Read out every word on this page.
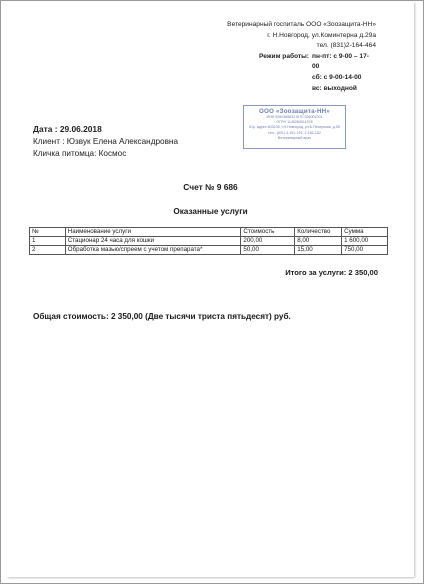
Ветеринарный госпиталь ООО «Зоозащита-НН»
г. Н.Новгород, ул.Коминтерна д.29а
тел. (831)2-164-464
Режим работы: пн-пт: с 9-00 – 17-00
сб: с 9-00-14-00
вс: выходной
ООО «Зоозащита-НН»
ИНН 5260389632 КПП 526001001
ОГРН 1145260011578
Юр. адрес 603105, г.Н.Новгород, ул.Б.Печерская, д.55
тел.: (831) 4-191-191, 2-182-182
Ветеринарный врач
Дата : 29.06.2018
Клиент : Юзвук Елена Александровна
Кличка питомца: Космос
Счет № 9 686
Оказанные услуги
№	Наименование услуги	Стоимость	Количество	Сумма
1	Стационар 24 часа для кошки	200,00	8,00	1 600,00
2	Обработка мазью/спреем с учетом препарата*	50,00	15,00	750,00
Итого за услуги: 2 350,00
Общая стоимость: 2 350,00 (Две тысячи триста пятьдесят) руб.
